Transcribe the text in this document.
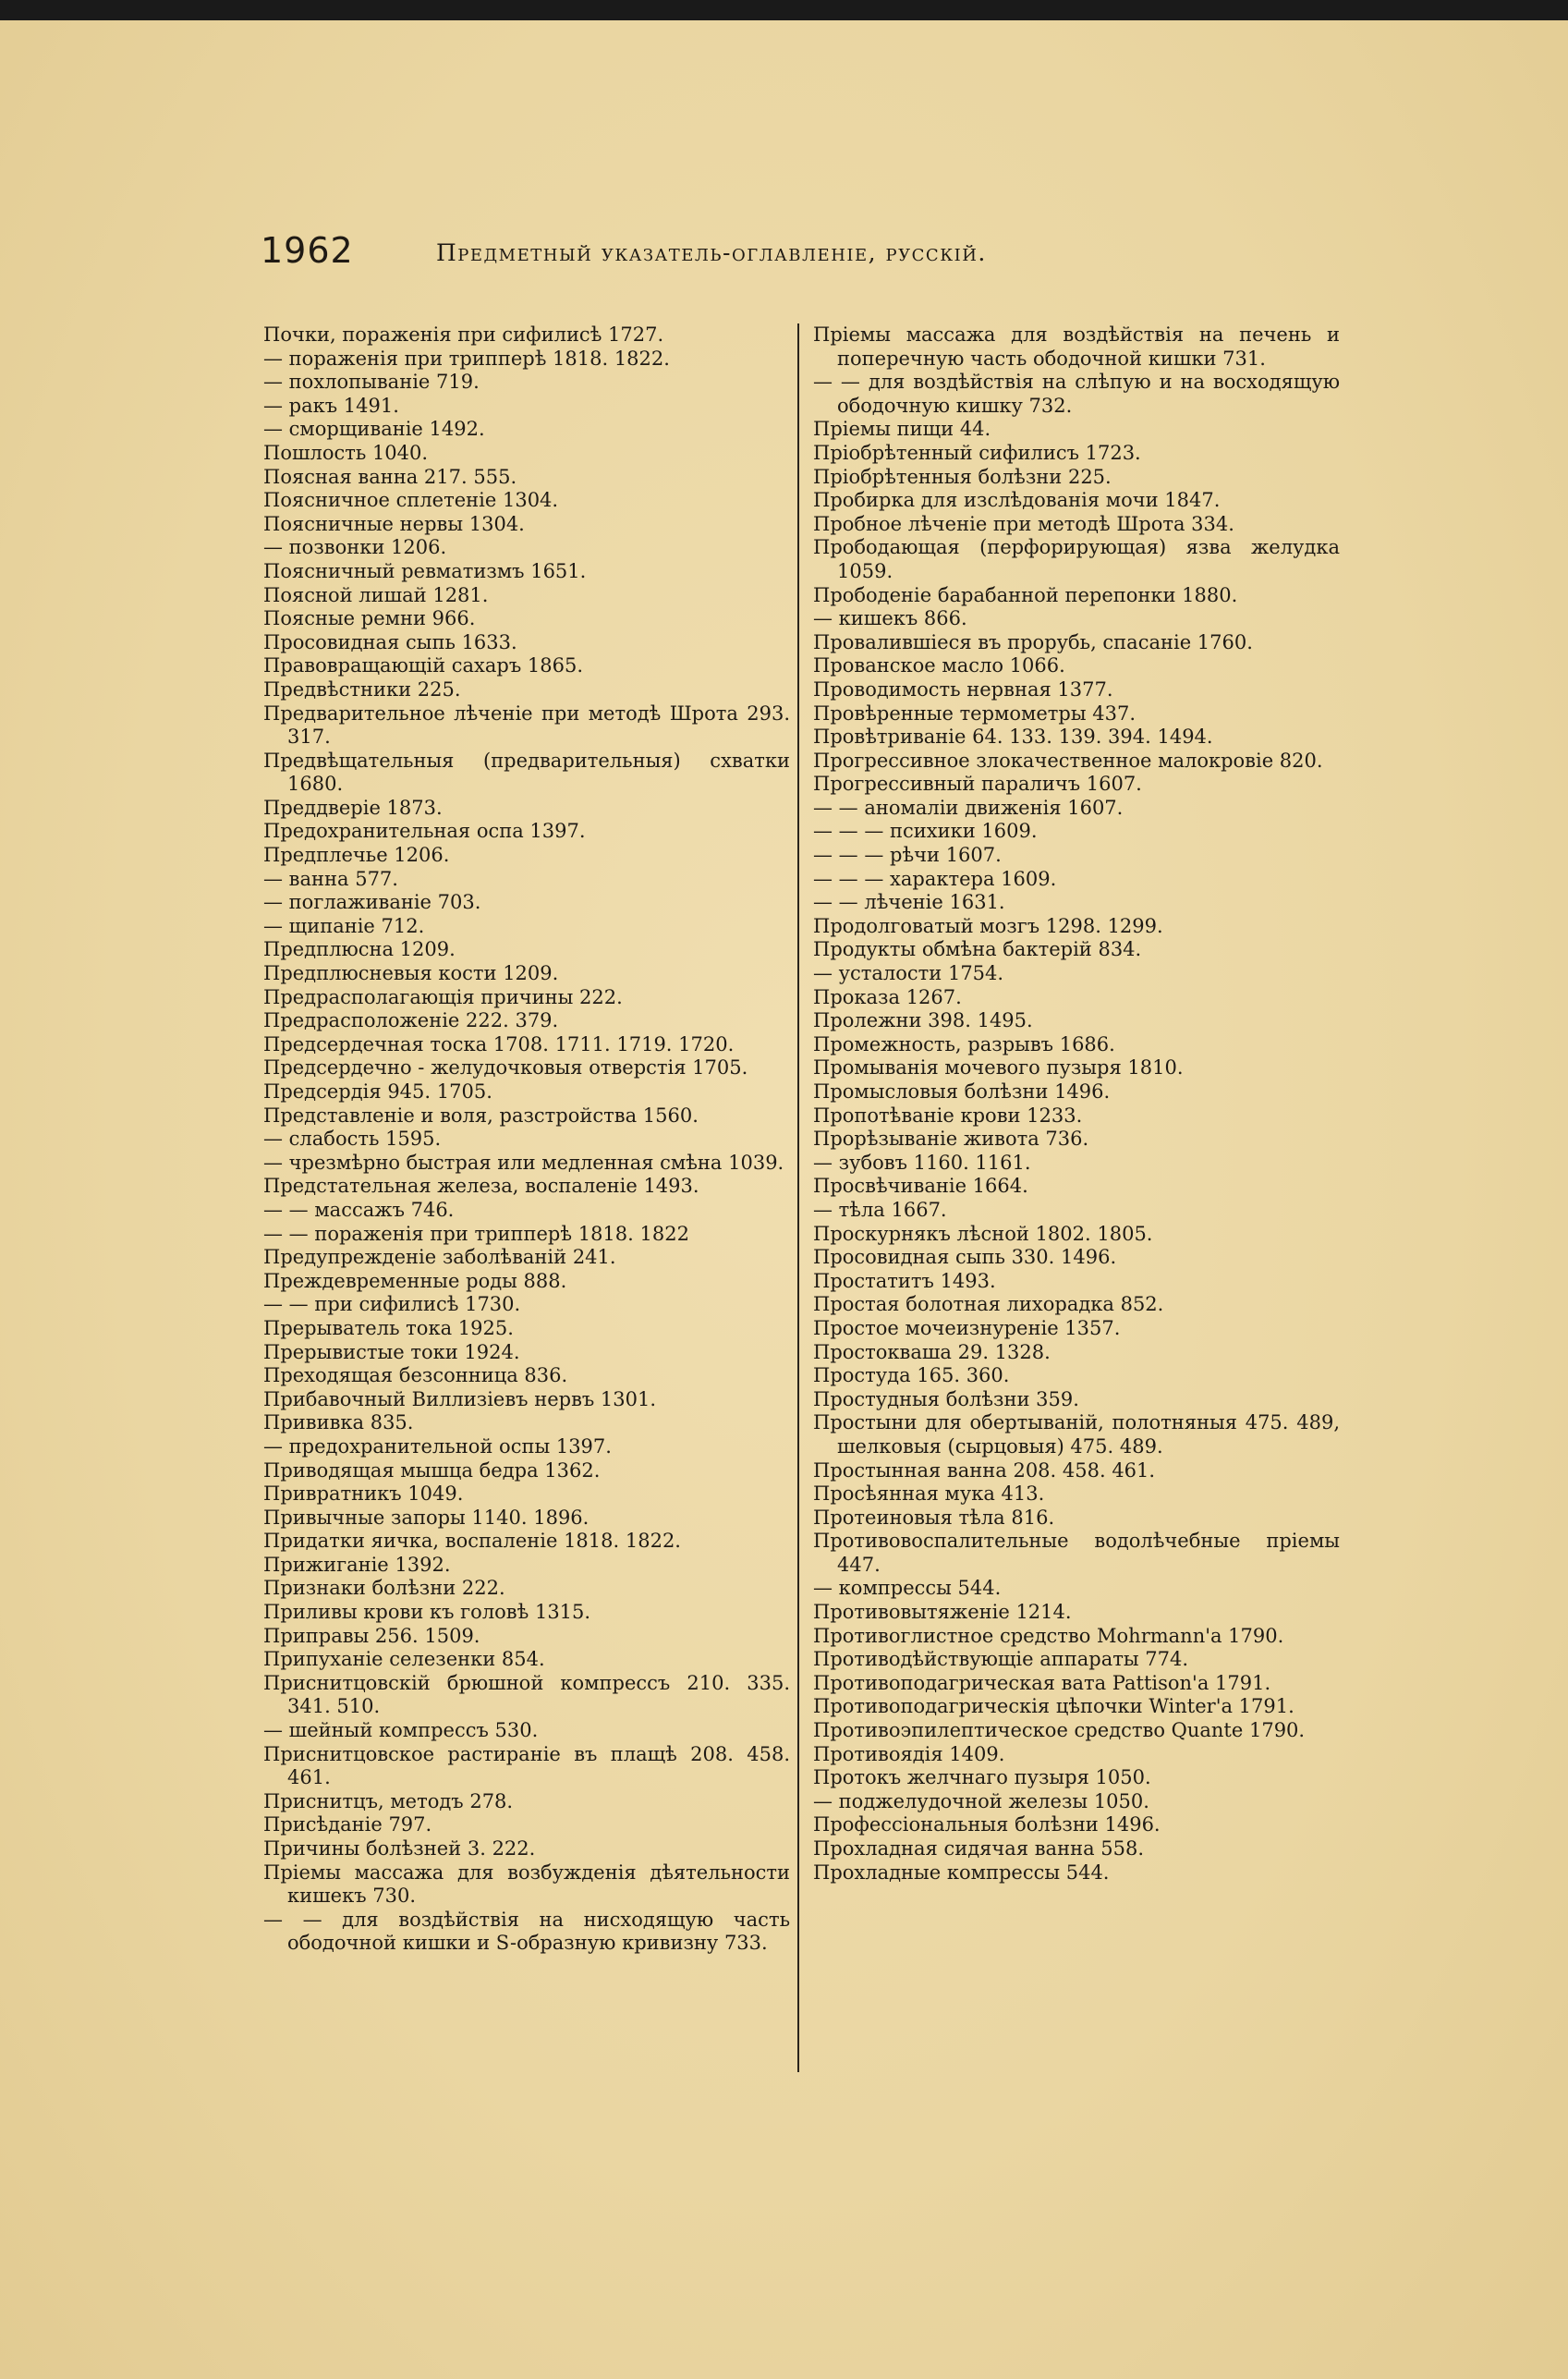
1962	Предметный указатель-оглавленіе, русскій.

Почки, пораженія при сифилисѣ 1727.

— пораженія при трипперѣ 1818. 1822.

— похлопываніе 719.

— ракъ 1491.

— сморщиваніе 1492.

Пошлость 1040.

Поясная ванна 217. 555.

Поясничное сплетеніе 1304.

Поясничные нервы 1304.

— позвонки 1206.

Поясничный ревматизмъ 1651.

Поясной лишай 1281.

Поясные ремни 966.

Просовидная сыпь 1633.

Правовращающій сахаръ 1865.

Предвѣстники 225.

Предварительное лѣченіе при методѣ Шрота 293. 317.

Предвѣщательныя (предварительныя) схватки 1680.

Преддверіе 1873.

Предохранительная оспа 1397.

Предплечье 1206.

— ванна 577.

— поглаживаніе 703.

— щипаніе 712.

Предплюсна 1209.

Предплюсневыя кости 1209.

Предрасполагающія причины 222.

Предрасположеніе 222. 379.

Предсердечная тоска 1708. 1711. 1719. 1720.

Предсердечно - желудочковыя отверстія 1705.

Предсердія 945. 1705.

Представленіе и воля, разстройства 1560.

— слабость 1595.

— чрезмѣрно быстрая или медленная смѣна 1039.

Предстательная железа, воспаленіе 1493.

— — массажъ 746.

— — пораженія при трипперѣ 1818. 1822

Предупрежденіе заболѣваній 241.

Преждевременные роды 888.

— — при сифилисѣ 1730.

Прерыватель тока 1925.

Прерывистые токи 1924.

Преходящая безсонница 836.

Прибавочный Виллизіевъ нервъ 1301.

Прививка 835.

— предохранительной оспы 1397.

Приводящая мышца бедра 1362.

Привратникъ 1049.

Привычные запоры 1140. 1896.

Придатки яичка, воспаленіе 1818. 1822.

Прижиганіе 1392.

Признаки болѣзни 222.

Приливы крови къ головѣ 1315.

Приправы 256. 1509.

Припуханіе селезенки 854.

Приснитцовскій брюшной компрессъ 210. 335. 341. 510.

— шейный компрессъ 530.

Приснитцовское растираніе въ плащѣ 208. 458. 461.

Приснитцъ, методъ 278.

Присѣданіе 797.

Причины болѣзней 3. 222.

Пріемы массажа для возбужденія дѣятельности кишекъ 730.

— — для воздѣйствія на нисходящую часть ободочной кишки и S-образную кривизну 733.

Пріемы массажа для воздѣйствія на печень и поперечную часть ободочной кишки 731.

— — для воздѣйствія на слѣпую и на восходящую ободочную кишку 732.

Пріемы пищи 44.

Пріобрѣтенный сифилисъ 1723.

Пріобрѣтенныя болѣзни 225.

Пробирка для изслѣдованія мочи 1847.

Пробное лѣченіе при методѣ Шрота 334.

Прободающая (перфорирующая) язва желудка 1059.

Прободеніе барабанной перепонки 1880.

— кишекъ 866.

Провалившіеся въ прорубь, спасаніе 1760.

Прованское масло 1066.

Проводимость нервная 1377.

Провѣренные термометры 437.

Провѣтриваніе 64. 133. 139. 394. 1494.

Прогрессивное злокачественное малокровіе 820.

Прогрессивный параличъ 1607.

— — аномаліи движенія 1607.

— — — психики 1609.

— — — рѣчи 1607.

— — — характера 1609.

— — лѣченіе 1631.

Продолговатый мозгъ 1298. 1299.

Продукты обмѣна бактерій 834.

— усталости 1754.

Проказа 1267.

Пролежни 398. 1495.

Промежность, разрывъ 1686.

Промыванія мочевого пузыря 1810.

Промысловыя болѣзни 1496.

Пропотѣваніе крови 1233.

Прорѣзываніе живота 736.

— зубовъ 1160. 1161.

Просвѣчиваніе 1664.

— тѣла 1667.

Проскурнякъ лѣсной 1802. 1805.

Просовидная сыпь 330. 1496.

Простатитъ 1493.

Простая болотная лихорадка 852.

Простое мочеизнуреніе 1357.

Простокваша 29. 1328.

Простуда 165. 360.

Простудныя болѣзни 359.

Простыни для обертываній, полотняныя 475. 489, шелковыя (сырцовыя) 475. 489.

Простынная ванна 208. 458. 461.

Просѣянная мука 413.

Протеиновыя тѣла 816.

Противовоспалительные водолѣчебные пріемы 447.

— компрессы 544.

Противовытяженіе 1214.

Противоглистное средство Mohrmann'a 1790.

Противодѣйствующіе аппараты 774.

Противоподагрическая вата Pattison'a 1791.

Противоподагрическія цѣпочки Winter'a 1791.

Противоэпилептическое средство Quante 1790.

Противоядія 1409.

Протокъ желчнаго пузыря 1050.

— поджелудочной железы 1050.

Профессіональныя болѣзни 1496.

Прохладная сидячая ванна 558.

Прохладные компрессы 544.
